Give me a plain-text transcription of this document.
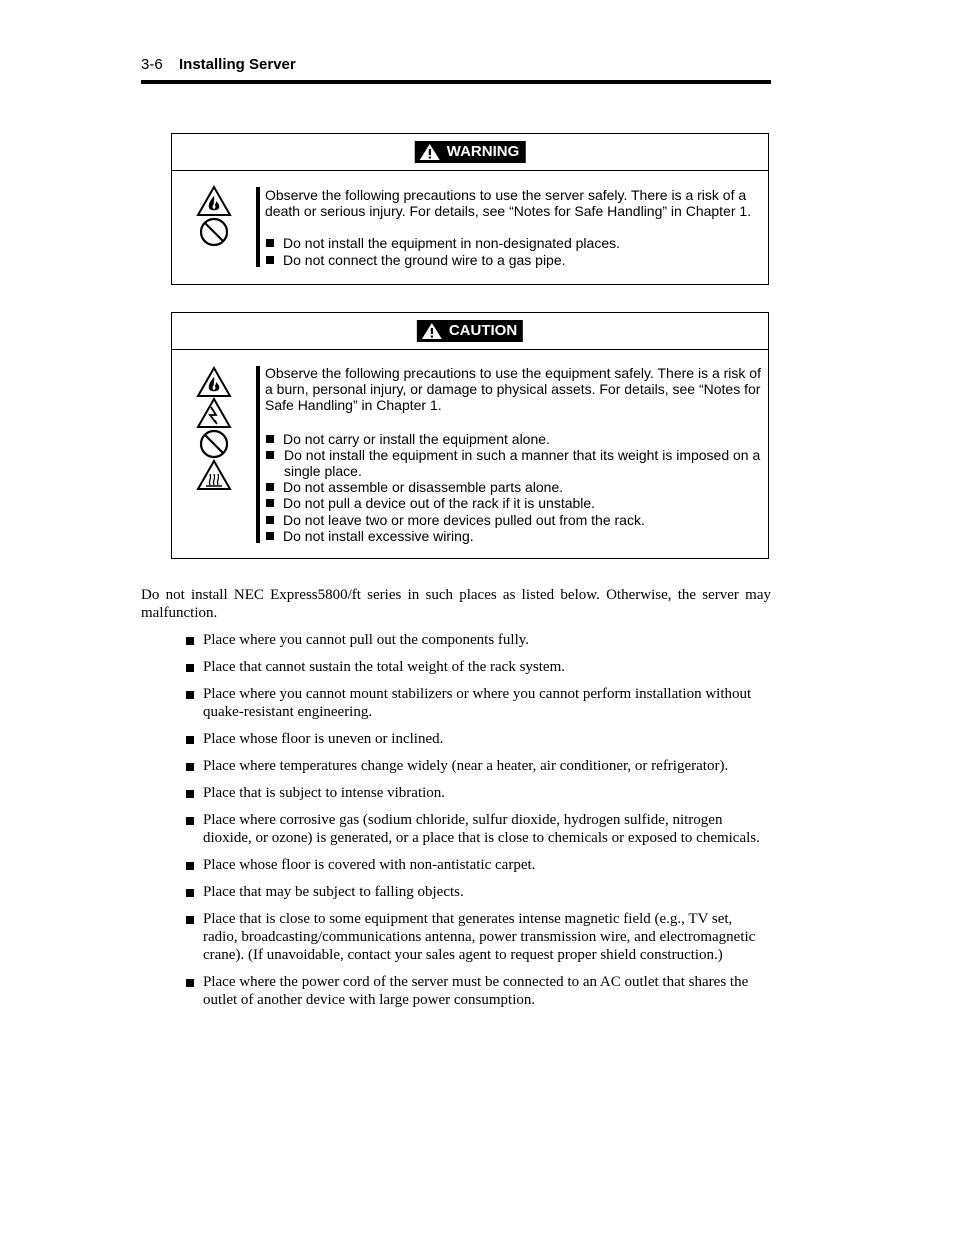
3-6 Installing Server
WARNING

Observe the following precautions to use the server safely. There is a risk of a death or serious injury. For details, see “Notes for Safe Handling” in Chapter 1.

Do not install the equipment in non-designated places.
Do not connect the ground wire to a gas pipe.
CAUTION

Observe the following precautions to use the equipment safely. There is a risk of a burn, personal injury, or damage to physical assets. For details, see “Notes for Safe Handling” in Chapter 1.

Do not carry or install the equipment alone.
Do not install the equipment in such a manner that its weight is imposed on a single place.
Do not assemble or disassemble parts alone.
Do not pull a device out of the rack if it is unstable.
Do not leave two or more devices pulled out from the rack.
Do not install excessive wiring.

Do not install NEC Express5800/ft series in such places as listed below. Otherwise, the server may malfunction.

Place where you cannot pull out the components fully.
Place that cannot sustain the total weight of the rack system.
Place where you cannot mount stabilizers or where you cannot perform installation without quake-resistant engineering.
Place whose floor is uneven or inclined.
Place where temperatures change widely (near a heater, air conditioner, or refrigerator).
Place that is subject to intense vibration.
Place where corrosive gas (sodium chloride, sulfur dioxide, hydrogen sulfide, nitrogen dioxide, or ozone) is generated, or a place that is close to chemicals or exposed to chemicals.
Place whose floor is covered with non-antistatic carpet.
Place that may be subject to falling objects.
Place that is close to some equipment that generates intense magnetic field (e.g., TV set, radio, broadcasting/communications antenna, power transmission wire, and electromagnetic crane). (If unavoidable, contact your sales agent to request proper shield construction.)
Place where the power cord of the server must be connected to an AC outlet that shares the outlet of another device with large power consumption.
